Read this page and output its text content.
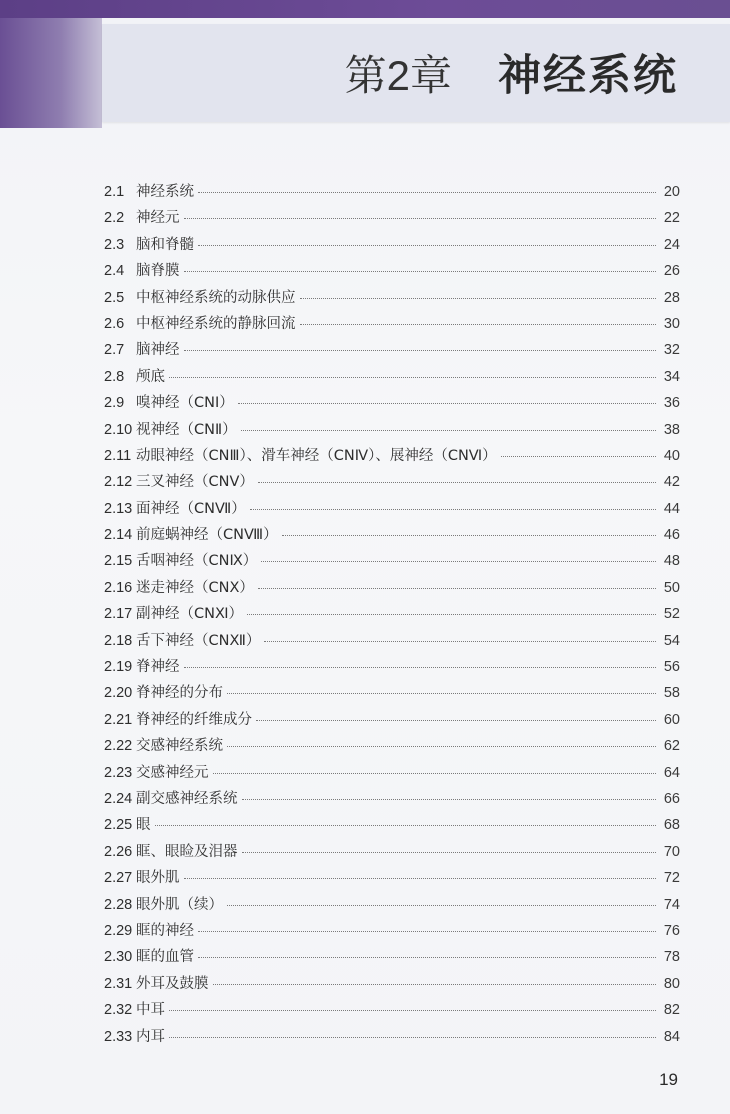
第2章 神经系统
2.1 神经系统	20
2.2 神经元	22
2.3 脑和脊髓	24
2.4 脑脊膜	26
2.5 中枢神经系统的动脉供应	28
2.6 中枢神经系统的静脉回流	30
2.7 脑神经	32
2.8 颅底	34
2.9 嗅神经（CNⅠ）	36
2.10 视神经（CNⅡ）	38
2.11 动眼神经（CNⅢ）、滑车神经（CNⅣ）、展神经（CNⅥ）	40
2.12 三叉神经（CNⅤ）	42
2.13 面神经（CNⅦ）	44
2.14 前庭蜗神经（CNⅧ）	46
2.15 舌咽神经（CNⅨ）	48
2.16 迷走神经（CNⅩ）	50
2.17 副神经（CNⅪ）	52
2.18 舌下神经（CNⅫ）	54
2.19 脊神经	56
2.20 脊神经的分布	58
2.21 脊神经的纤维成分	60
2.22 交感神经系统	62
2.23 交感神经元	64
2.24 副交感神经系统	66
2.25 眼	68
2.26 眶、眼睑及泪器	70
2.27 眼外肌	72
2.28 眼外肌（续）	74
2.29 眶的神经	76
2.30 眶的血管	78
2.31 外耳及鼓膜	80
2.32 中耳	82
2.33 内耳	84
19
